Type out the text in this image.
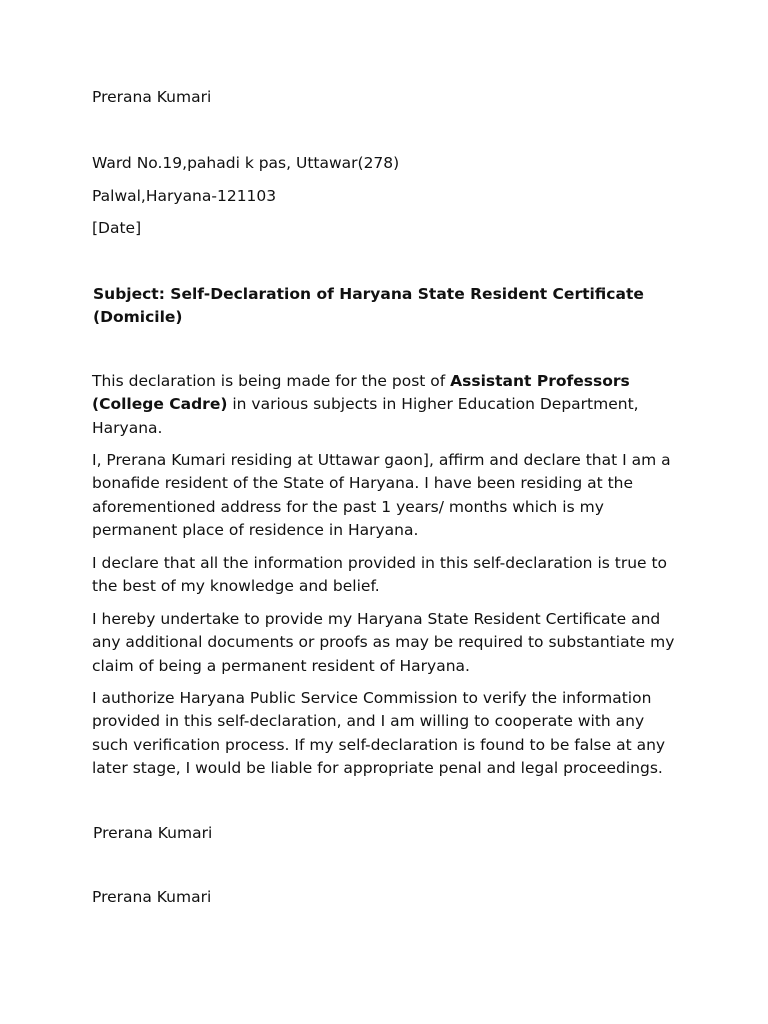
Prerana Kumari
Ward No.19,pahadi k pas, Uttawar(278)
Palwal,Haryana-121103
[Date]
Subject: Self-Declaration of Haryana State Resident Certificate (Domicile)
This declaration is being made for the post of Assistant Professors (College Cadre) in various subjects in Higher Education Department, Haryana.
I, Prerana Kumari residing at Uttawar gaon], affirm and declare that I am a bonafide resident of the State of Haryana. I have been residing at the aforementioned address for the past 1 years/ months which is my permanent place of residence in Haryana.
I declare that all the information provided in this self-declaration is true to the best of my knowledge and belief.
I hereby undertake to provide my Haryana State Resident Certificate and any additional documents or proofs as may be required to substantiate my claim of being a permanent resident of Haryana.
I authorize Haryana Public Service Commission to verify the information provided in this self-declaration, and I am willing to cooperate with any such verification process. If my self-declaration is found to be false at any later stage, I would be liable for appropriate penal and legal proceedings.
Prerana Kumari
Prerana Kumari
